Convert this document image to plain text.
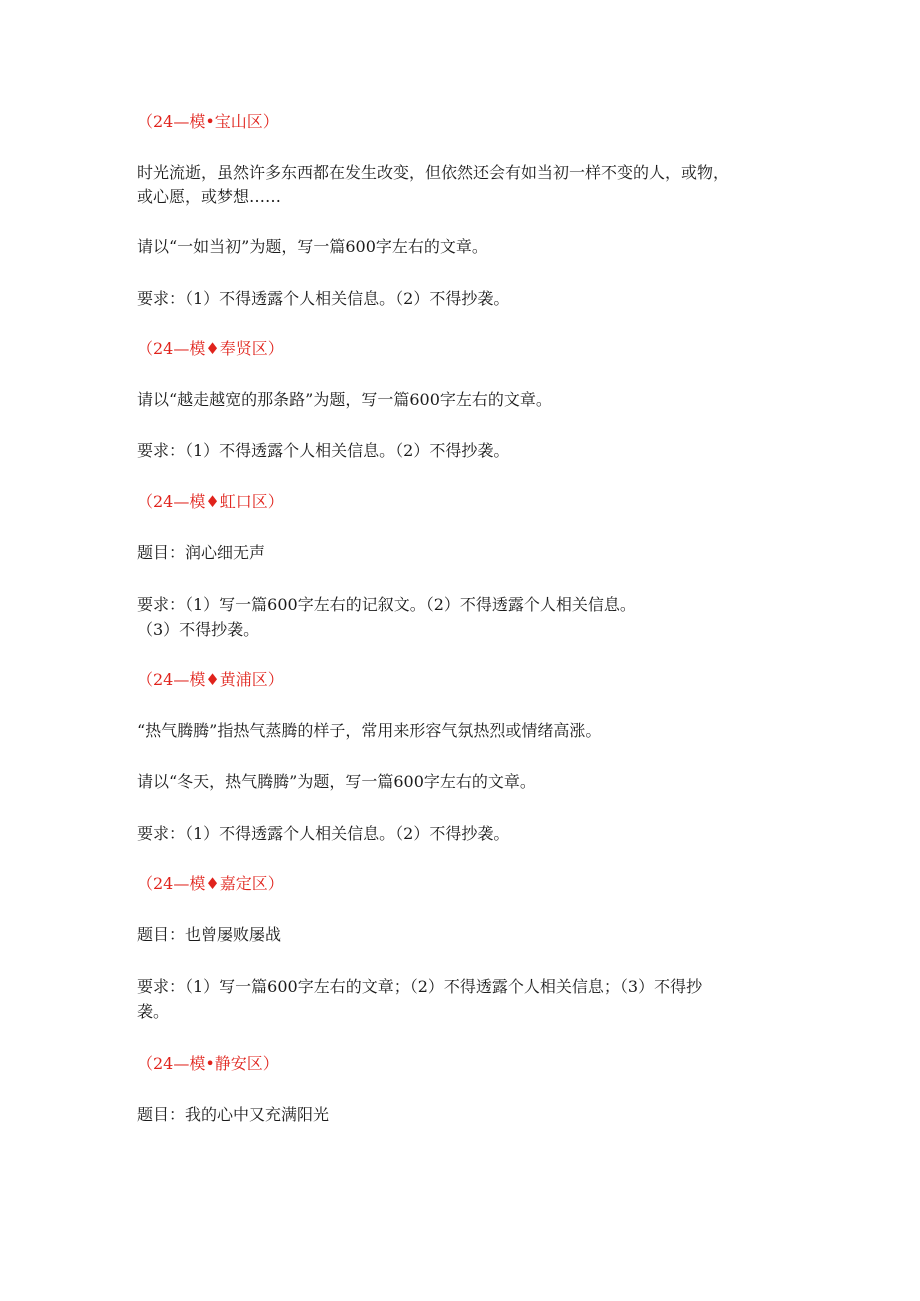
（24—模•宝山区）
时光流逝，虽然许多东西都在发生改变，但依然还会有如当初一样不变的人，或物，
或心愿，或梦想……
请以“一如当初”为题，写一篇600字左右的文章。
要求：（1）不得透露个人相关信息。（2）不得抄袭。
（24—模♦奉贤区）
请以“越走越宽的那条路”为题，写一篇600字左右的文章。
要求：（1）不得透露个人相关信息。（2）不得抄袭。
（24—模♦虹口区）
题目：润心细无声
要求：（1）写一篇600字左右的记叙文。（2）不得透露个人相关信息。
（3）不得抄袭。
（24—模♦黄浦区）
“热气腾腾”指热气蒸腾的样子，常用来形容气氛热烈或情绪高涨。
请以“冬天，热气腾腾”为题，写一篇600字左右的文章。
要求：（1）不得透露个人相关信息。（2）不得抄袭。
（24—模♦嘉定区）
题目：也曾屡败屡战
要求：（1）写一篇600字左右的文章；（2）不得透露个人相关信息；（3）不得抄
袭。
（24—模•静安区）
题目：我的心中又充满阳光
